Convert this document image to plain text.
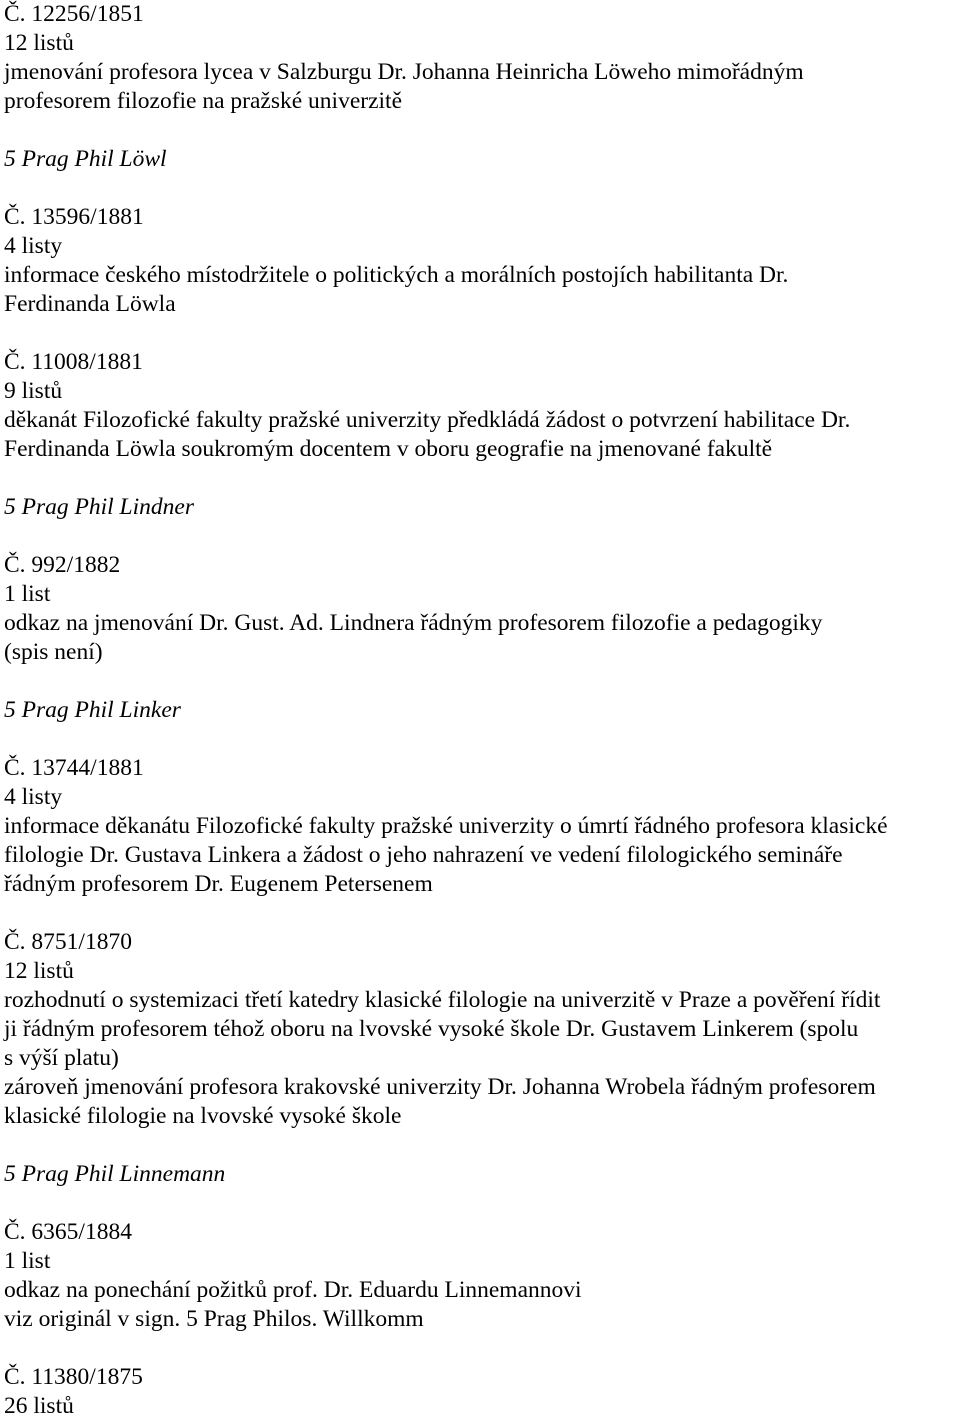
Č. 12256/1851
12 listů
jmenování profesora lycea v Salzburgu Dr. Johanna Heinricha Löweho mimořádným
profesorem filozofie na pražské univerzitě
5 Prag Phil Löwl
Č. 13596/1881
4 listy
informace českého místodržitele o politických a morálních postojích habilitanta Dr.
Ferdinanda Löwla
Č. 11008/1881
9 listů
děkanát Filozofické fakulty pražské univerzity předkládá žádost o potvrzení habilitace Dr.
Ferdinanda Löwla soukromým docentem v oboru geografie na jmenované fakultě
5 Prag Phil Lindner
Č. 992/1882
1 list
odkaz na jmenování Dr. Gust. Ad. Lindnera řádným profesorem filozofie a pedagogiky
(spis není)
5 Prag Phil Linker
Č. 13744/1881
4 listy
informace děkanátu Filozofické fakulty pražské univerzity o úmrtí řádného profesora klasické
filologie Dr. Gustava Linkera a žádost o jeho nahrazení ve vedení filologického semináře
řádným profesorem Dr. Eugenem Petersenem
Č. 8751/1870
12 listů
rozhodnutí o systemizaci třetí katedry klasické filologie na univerzitě v Praze a pověření řídit
ji řádným profesorem téhož oboru na lvovské vysoké škole Dr. Gustavem Linkerem (spolu
s výší platu)
zároveň jmenování profesora krakovské univerzity Dr. Johanna Wrobela řádným profesorem
klasické filologie na lvovské vysoké škole
5 Prag Phil Linnemann
Č. 6365/1884
1 list
odkaz na ponechání požitků prof. Dr. Eduardu Linnemannovi
viz originál v sign. 5 Prag Philos. Willkomm
Č. 11380/1875
26 listů
